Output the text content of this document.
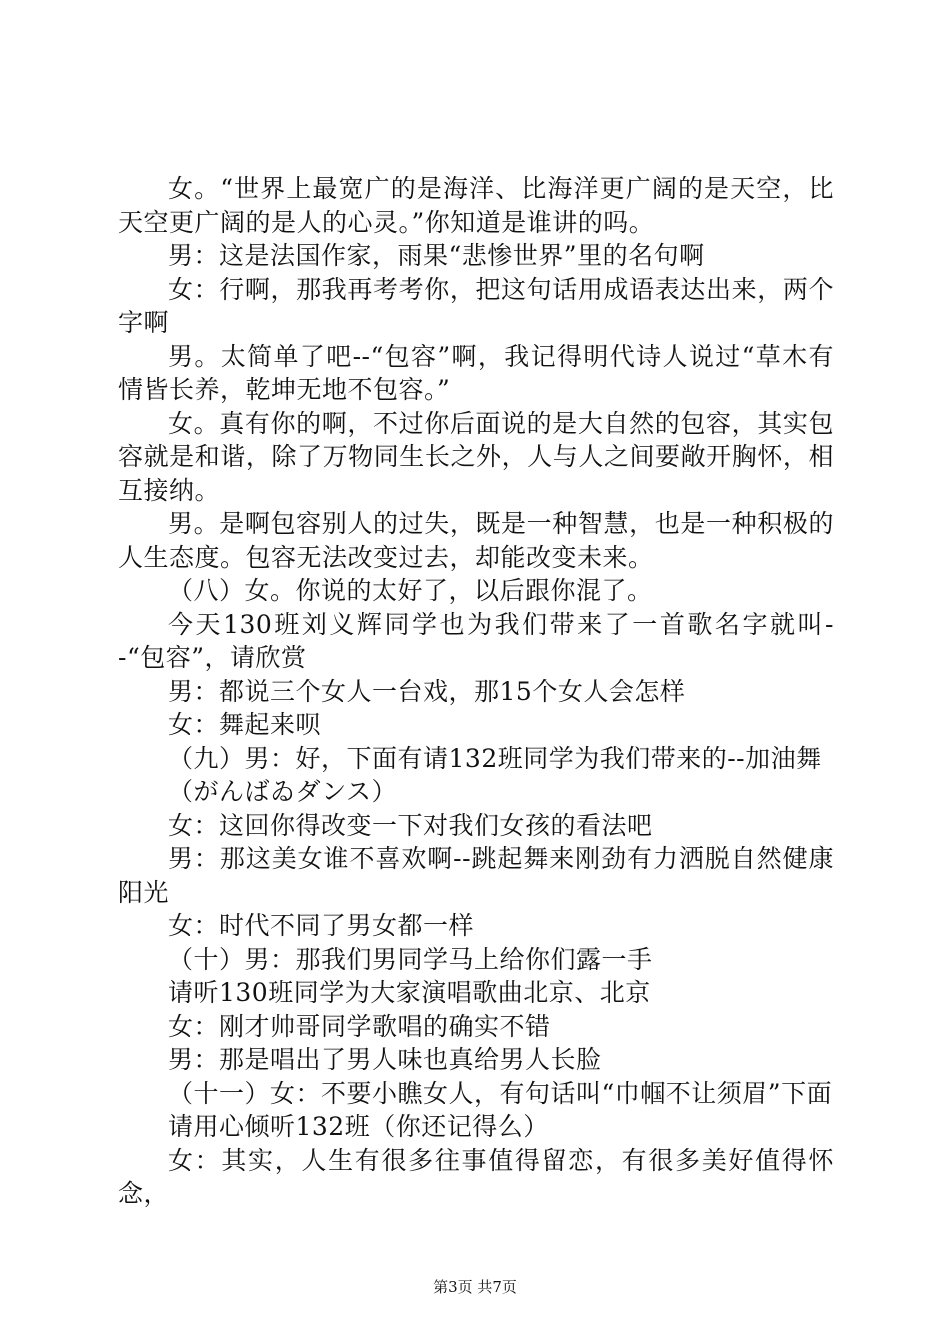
女。“世界上最宽广的是海洋、比海洋更广阔的是天空，比天空更广阔的是人的心灵。”你知道是谁讲的吗。

男：这是法国作家，雨果“悲惨世界”里的名句啊

女：行啊，那我再考考你，把这句话用成语表达出来，两个字啊

男。太简单了吧--“包容”啊，我记得明代诗人说过“草木有情皆长养，乾坤无地不包容。”

女。真有你的啊，不过你后面说的是大自然的包容，其实包容就是和谐，除了万物同生长之外，人与人之间要敞开胸怀，相互接纳。

男。是啊包容别人的过失，既是一种智慧，也是一种积极的人生态度。包容无法改变过去，却能改变未来。

（八）女。你说的太好了，以后跟你混了。

今天130班刘义辉同学也为我们带来了一首歌名字就叫--“包容”，请欣赏

男：都说三个女人一台戏，那15个女人会怎样

女：舞起来呗

（九）男：好，下面有请132班同学为我们带来的--加油舞

（がんばゐダンス）

女：这回你得改变一下对我们女孩的看法吧

男：那这美女谁不喜欢啊--跳起舞来刚劲有力洒脱自然健康阳光

女：时代不同了男女都一样

（十）男：那我们男同学马上给你们露一手

请听130班同学为大家演唱歌曲北京、北京

女：刚才帅哥同学歌唱的确实不错

男：那是唱出了男人味也真给男人长脸

（十一）女：不要小瞧女人，有句话叫“巾帼不让须眉”下面

请用心倾听132班（你还记得么）

女：其实，人生有很多往事值得留恋，有很多美好值得怀念，

第3页 共7页
